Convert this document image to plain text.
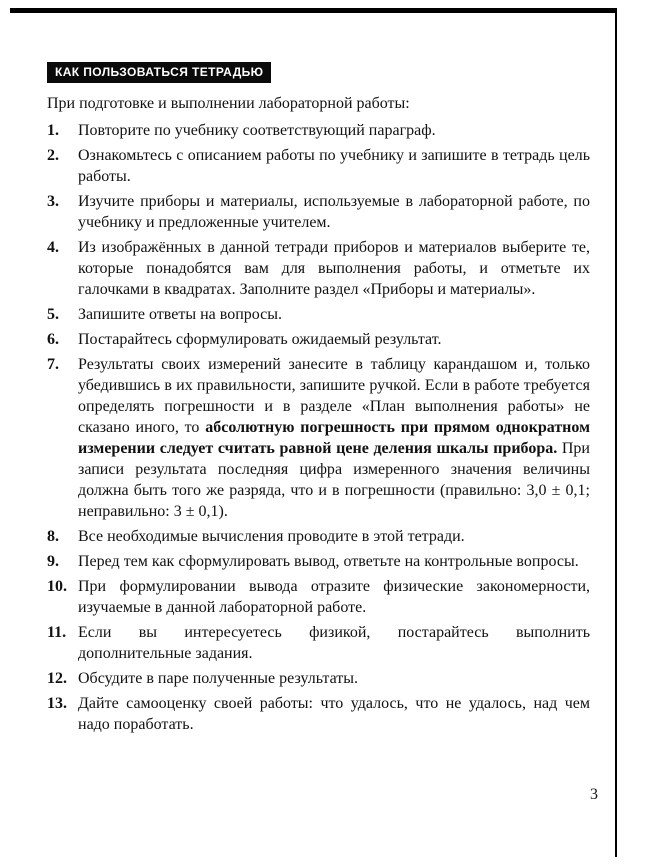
КАК ПОЛЬЗОВАТЬСЯ ТЕТРАДЬЮ
При подготовке и выполнении лабораторной работы:
1.	Повторите по учебнику соответствующий параграф.
2.	Ознакомьтесь с описанием работы по учебнику и запишите в тетрадь цель работы.
3.	Изучите приборы и материалы, используемые в лабораторной работе, по учебнику и предложенные учителем.
4.	Из изображённых в данной тетради приборов и материалов выберите те, которые понадобятся вам для выполнения работы, и отметьте их галочками в квадратах. Заполните раздел «Приборы и материалы».
5.	Запишите ответы на вопросы.
6.	Постарайтесь сформулировать ожидаемый результат.
7.	Результаты своих измерений занесите в таблицу карандашом и, только убедившись в их правильности, запишите ручкой. Если в работе требуется определять погрешности и в разделе «План выполнения работы» не сказано иного, то абсолютную погрешность при прямом однократном измерении следует считать равной цене деления шкалы прибора. При записи результата последняя цифра измеренного значения величины должна быть того же разряда, что и в погрешности (правильно: 3,0 ± 0,1; неправильно: 3 ± 0,1).
8.	Все необходимые вычисления проводите в этой тетради.
9.	Перед тем как сформулировать вывод, ответьте на контрольные вопросы.
10. При формулировании вывода отразите физические закономерности, изучаемые в данной лабораторной работе.
11. Если вы интересуетесь физикой, постарайтесь выполнить дополнительные задания.
12. Обсудите в паре полученные результаты.
13. Дайте самооценку своей работы: что удалось, что не удалось, над чем надо поработать.
3
